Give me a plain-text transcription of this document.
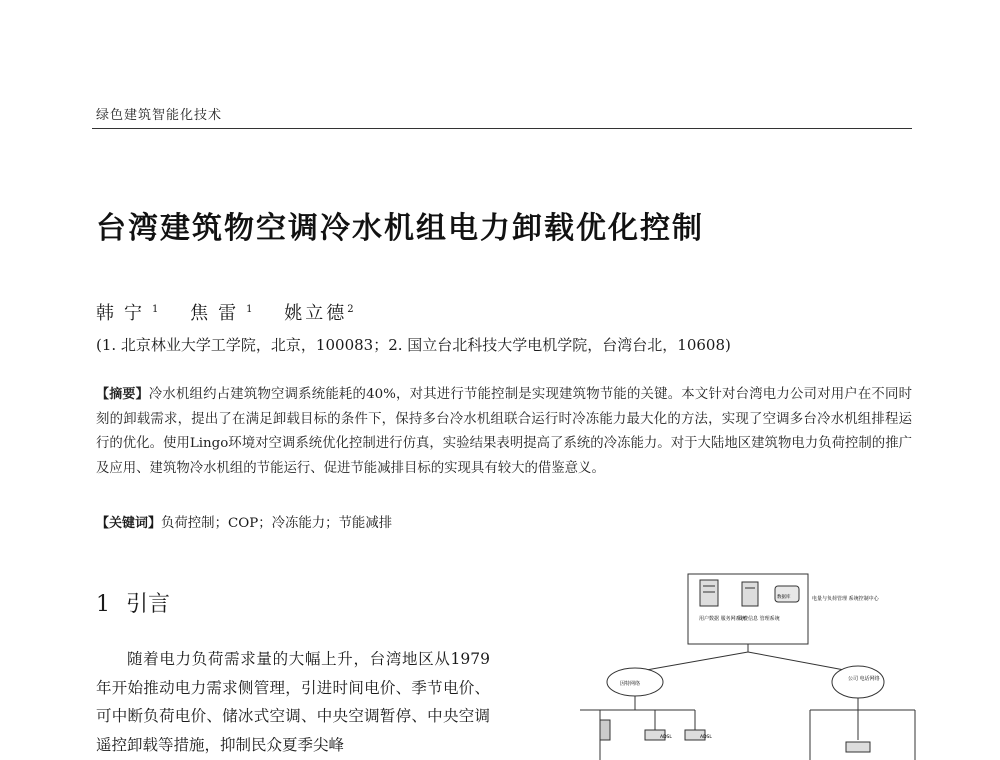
绿色建筑智能化技术
台湾建筑物空调冷水机组电力卸载优化控制
韩宁$^1$ 焦雷$^1$ 姚立德$^2$
(1. 北京林业大学工学院，北京，100083；2. 国立台北科技大学电机学院，台湾台北，10608)
【摘要】冷水机组约占建筑物空调系统能耗的40%，对其进行节能控制是实现建筑物节能的关键。本文针对台湾电力公司对用户在不同时刻的卸载需求，提出了在满足卸载目标的条件下，保持多台冷水机组联合运行时冷冻能力最大化的方法，实现了空调多台冷水机组排程运行的优化。使用Lingo环境对空调系统优化控制进行仿真，实验结果表明提高了系统的冷冻能力。对于大陆地区建筑物电力负荷控制的推广及应用、建筑物冷水机组的节能运行、促进节能减排目标的实现具有较大的借鉴意义。
【关键词】负荷控制；COP；冷冻能力；节能减排
1 引言
随着电力负荷需求量的大幅上升，台湾地区从1979年开始推动电力需求侧管理，引进时间电价、季节电价、可中断负荷电价、储冰式空调、中央空调暂停、中央空调遥控卸载等措施，抑制民众夏季尖峰
用户数据 服务网系统
发费信息 管理系统
数据库	电量与负荷管理 系统控制中心
因特网络
公司 电话网络
ADSL	ADSL
